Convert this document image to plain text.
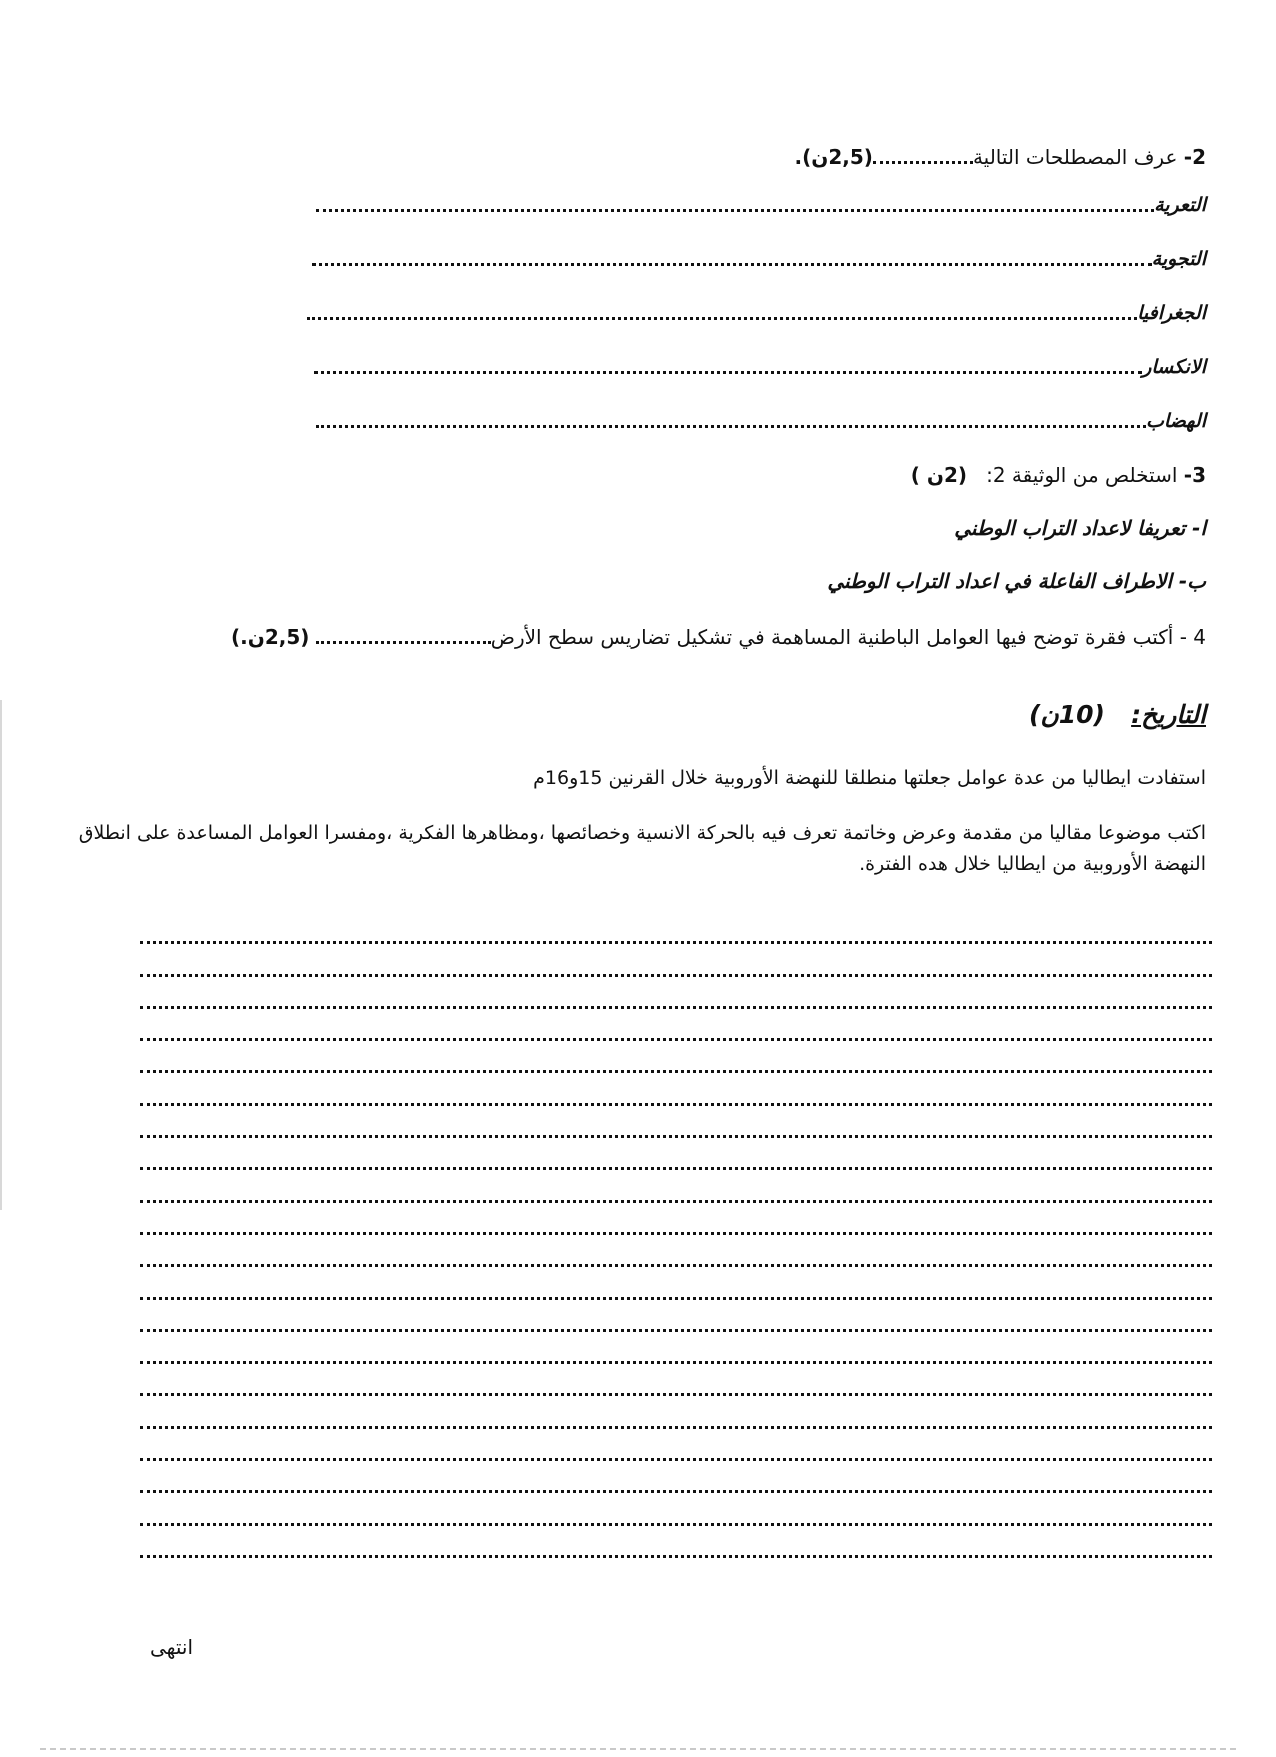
2- عرف المصطلحات التالية(2,5ن).
التعرية
التجوية
الجغرافيا
الانكسار
الهضاب
3- استخلص من الوثيقة 2:   (2ن )
ا- تعريفا لاعداد التراب الوطني
ب- الاطراف الفاعلة في اعداد التراب الوطني
4 - أكتب فقرة توضح فيها العوامل الباطنية المساهمة في تشكيل تضاريس سطح الأرض (2,5ن.)
التاريخ:   (10ن)
استفادت ايطاليا من عدة عوامل جعلتها منطلقا للنهضة الأوروبية خلال القرنين 15و16م
اكتب موضوعا مقاليا من مقدمة وعرض وخاتمة تعرف فيه بالحركة الانسية وخصائصها ،ومظاهرها الفكرية ،ومفسرا العوامل المساعدة على انطلاق النهضة الأوروبية من ايطاليا خلال هده الفترة.
انتهى
